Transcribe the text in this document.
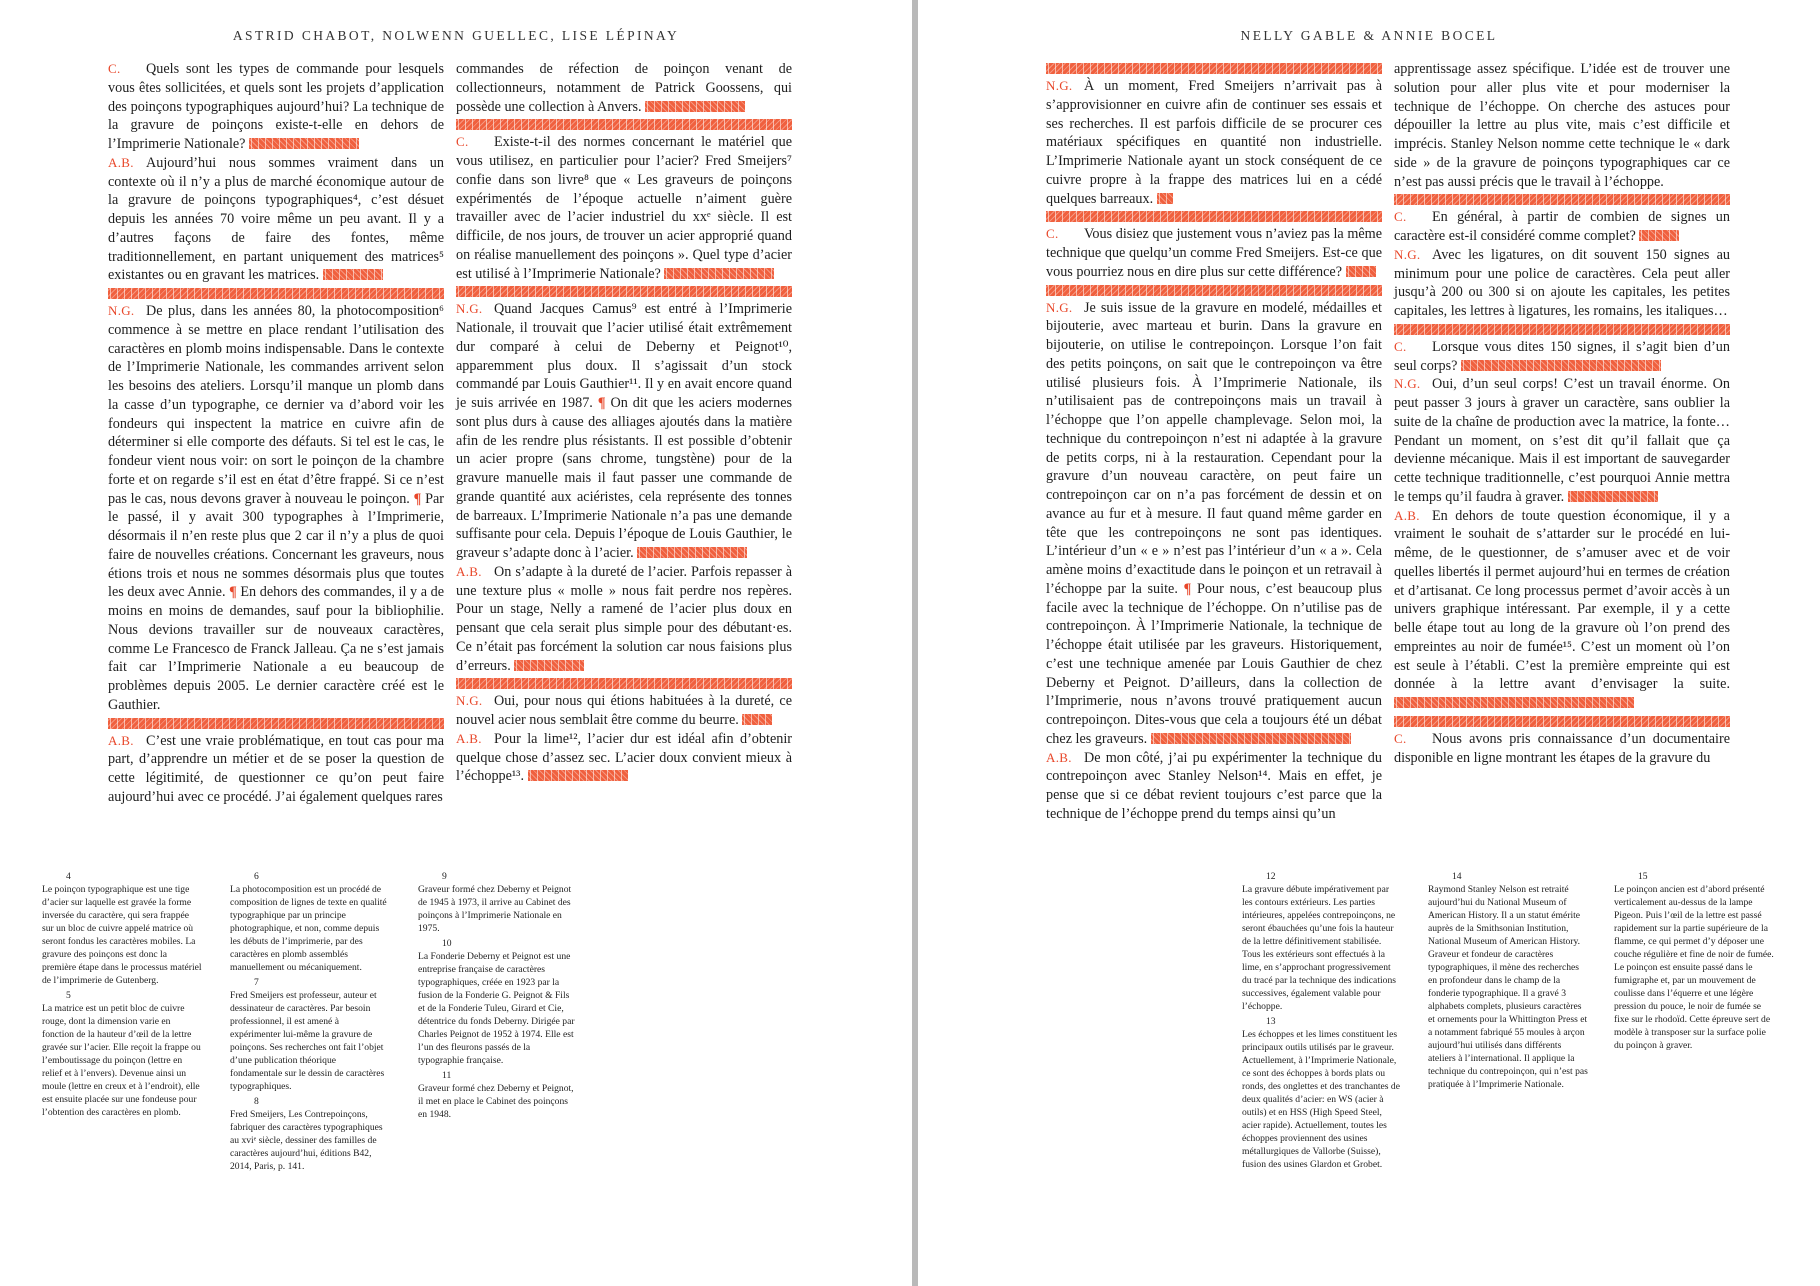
ASTRID CHABOT, NOLWENN GUELLEC, LISE LÉPINAY

C. Quels sont les types de commande pour lesquels vous êtes sollicitées, et quels sont les projets d’application des poinçons typographiques aujourd’hui? La technique de la gravure de poinçons existe-t-elle en dehors de l’Imprimerie Nationale?

A.B. Aujourd’hui nous sommes vraiment dans un contexte où il n’y a plus de marché économique autour de la gravure de poinçons typographiques⁴, c’est désuet depuis les années 70 voire même un peu avant. Il y a d’autres façons de faire des fontes, même traditionnellement, en partant uniquement des matrices⁵ existantes ou en gravant les matrices.

N.G. De plus, dans les années 80, la photocomposition⁶ commence à se mettre en place rendant l’utilisation des caractères en plomb moins indispensable. Dans le contexte de l’Imprimerie Nationale, les commandes arrivent selon les besoins des ateliers. Lorsqu’il manque un plomb dans la casse d’un typographe, ce dernier va d’abord voir les fondeurs qui inspectent la matrice en cuivre afin de déterminer si elle comporte des défauts. Si tel est le cas, le fondeur vient nous voir: on sort le poinçon de la chambre forte et on regarde s’il est en état d’être frappé. Si ce n’est pas le cas, nous devons graver à nouveau le poinçon. ¶ Par le passé, il y avait 300 typographes à l’Imprimerie, désormais il n’en reste plus que 2 car il n’y a plus de quoi faire de nouvelles créations. Concernant les graveurs, nous étions trois et nous ne sommes désormais plus que toutes les deux avec Annie. ¶ En dehors des commandes, il y a de moins en moins de demandes, sauf pour la bibliophilie. Nous devions travailler sur de nouveaux caractères, comme Le Francesco de Franck Jalleau. Ça ne s’est jamais fait car l’Imprimerie Nationale a eu beaucoup de problèmes depuis 2005. Le dernier caractère créé est le Gauthier.

A.B. C’est une vraie problématique, en tout cas pour ma part, d’apprendre un métier et de se poser la question de cette légitimité, de questionner ce qu’on peut faire aujourd’hui avec ce procédé. J’ai également quelques rares

commandes de réfection de poinçon venant de collectionneurs, notamment de Patrick Goossens, qui possède une collection à Anvers.

C. Existe-t-il des normes concernant le matériel que vous utilisez, en particulier pour l’acier? Fred Smeijers⁷ confie dans son livre⁸ que « Les graveurs de poinçons expérimentés de l’époque actuelle n’aiment guère travailler avec de l’acier industriel du xxᵉ siècle. Il est difficile, de nos jours, de trouver un acier approprié quand on réalise manuellement des poinçons ». Quel type d’acier est utilisé à l’Imprimerie Nationale?

N.G. Quand Jacques Camus⁹ est entré à l’Imprimerie Nationale, il trouvait que l’acier utilisé était extrêmement dur comparé à celui de Deberny et Peignot¹⁰, apparemment plus doux. Il s’agissait d’un stock commandé par Louis Gauthier¹¹. Il y en avait encore quand je suis arrivée en 1987. ¶ On dit que les aciers modernes sont plus durs à cause des alliages ajoutés dans la matière afin de les rendre plus résistants. Il est possible d’obtenir un acier propre (sans chrome, tungstène) pour de la gravure manuelle mais il faut passer une commande de grande quantité aux aciéristes, cela représente des tonnes de barreaux. L’Imprimerie Nationale n’a pas une demande suffisante pour cela. Depuis l’époque de Louis Gauthier, le graveur s’adapte donc à l’acier.

A.B. On s’adapte à la dureté de l’acier. Parfois repasser à une texture plus « molle » nous fait perdre nos repères. Pour un stage, Nelly a ramené de l’acier plus doux en pensant que cela serait plus simple pour des débutant·es. Ce n’était pas forcément la solution car nous faisions plus d’erreurs.

N.G. Oui, pour nous qui étions habituées à la dureté, ce nouvel acier nous semblait être comme du beurre.

A.B. Pour la lime¹², l’acier dur est idéal afin d’obtenir quelque chose d’assez sec. L’acier doux convient mieux à l’échoppe¹³.

4
Le poinçon typographique est une tige d’acier sur laquelle est gravée la forme inversée du caractère, qui sera frappée sur un bloc de cuivre appelé matrice où seront fondus les caractères mobiles. La gravure des poinçons est donc la première étape dans le processus matériel de l’imprimerie de Gutenberg.
5
La matrice est un petit bloc de cuivre rouge, dont la dimension varie en fonction de la hauteur d’œil de la lettre gravée sur l’acier. Elle reçoit la frappe ou l’emboutissage du poinçon (lettre en relief et à l’envers). Devenue ainsi un moule (lettre en creux et à l’endroit), elle est ensuite placée sur une fondeuse pour l’obtention des caractères en plomb.
6
La photocomposition est un procédé de composition de lignes de texte en qualité typographique par un principe photographique, et non, comme depuis les débuts de l’imprimerie, par des caractères en plomb assemblés manuellement ou mécaniquement.
7
Fred Smeijers est professeur, auteur et dessinateur de caractères. Par besoin professionnel, il est amené à expérimenter lui-même la gravure de poinçons. Ses recherches ont fait l’objet d’une publication théorique fondamentale sur le dessin de caractères typographiques.
8
Fred Smeijers, Les Contrepoinçons, fabriquer des caractères typographiques au xviᵉ siècle, dessiner des familles de caractères aujourd’hui, éditions B42, 2014, Paris, p. 141.
9
Graveur formé chez Deberny et Peignot de 1945 à 1973, il arrive au Cabinet des poinçons à l’Imprimerie Nationale en 1975.
10
La Fonderie Deberny et Peignot est une entreprise française de caractères typographiques, créée en 1923 par la fusion de la Fonderie G. Peignot & Fils et de la Fonderie Tuleu, Girard et Cie, détentrice du fonds Deberny. Dirigée par Charles Peignot de 1952 à 1974. Elle est l’un des fleurons passés de la typographie française.
11
Graveur formé chez Deberny et Peignot, il met en place le Cabinet des poinçons en 1948.
NELLY GABLE & ANNIE BOCEL

N.G. À un moment, Fred Smeijers n’arrivait pas à s’approvisionner en cuivre afin de continuer ses essais et ses recherches. Il est parfois difficile de se procurer ces matériaux spécifiques en quantité non industrielle. L’Imprimerie Nationale ayant un stock conséquent de ce cuivre propre à la frappe des matrices lui en a cédé quelques barreaux.

C. Vous disiez que justement vous n’aviez pas la même technique que quelqu’un comme Fred Smeijers. Est-ce que vous pourriez nous en dire plus sur cette différence?

N.G. Je suis issue de la gravure en modelé, médailles et bijouterie, avec marteau et burin. Dans la gravure en bijouterie, on utilise le contrepoinçon. Lorsque l’on fait des petits poinçons, on sait que le contrepoinçon va être utilisé plusieurs fois. À l’Imprimerie Nationale, ils n’utilisaient pas de contrepoinçons mais un travail à l’échoppe que l’on appelle champlevage. Selon moi, la technique du contrepoinçon n’est ni adaptée à la gravure de petits corps, ni à la restauration. Cependant pour la gravure d’un nouveau caractère, on peut faire un contrepoinçon car on n’a pas forcément de dessin et on avance au fur et à mesure. Il faut quand même garder en tête que les contrepoinçons ne sont pas identiques. L’intérieur d’un « e » n’est pas l’intérieur d’un « a ». Cela amène moins d’exactitude dans le poinçon et un retravail à l’échoppe par la suite. ¶ Pour nous, c’est beaucoup plus facile avec la technique de l’échoppe. On n’utilise pas de contrepoinçon. À l’Imprimerie Nationale, la technique de l’échoppe était utilisée par les graveurs. Historiquement, c’est une technique amenée par Louis Gauthier de chez Deberny et Peignot. D’ailleurs, dans la collection de l’Imprimerie, nous n’avons trouvé pratiquement aucun contrepoinçon. Dites-vous que cela a toujours été un débat chez les graveurs.

A.B. De mon côté, j’ai pu expérimenter la technique du contrepoinçon avec Stanley Nelson¹⁴. Mais en effet, je pense que si ce débat revient toujours c’est parce que la technique de l’échoppe prend du temps ainsi qu’un

apprentissage assez spécifique. L’idée est de trouver une solution pour aller plus vite et pour moderniser la technique de l’échoppe. On cherche des astuces pour dépouiller la lettre au plus vite, mais c’est difficile et imprécis. Stanley Nelson nomme cette technique le « dark side » de la gravure de poinçons typographiques car ce n’est pas aussi précis que le travail à l’échoppe.

C. En général, à partir de combien de signes un caractère est-il considéré comme complet?

N.G. Avec les ligatures, on dit souvent 150 signes au minimum pour une police de caractères. Cela peut aller jusqu’à 200 ou 300 si on ajoute les capitales, les petites capitales, les lettres à ligatures, les romains, les italiques…

C. Lorsque vous dites 150 signes, il s’agit bien d’un seul corps?

N.G. Oui, d’un seul corps! C’est un travail énorme. On peut passer 3 jours à graver un caractère, sans oublier la suite de la chaîne de production avec la matrice, la fonte… Pendant un moment, on s’est dit qu’il fallait que ça devienne mécanique. Mais il est important de sauvegarder cette technique traditionnelle, c’est pourquoi Annie mettra le temps qu’il faudra à graver.

A.B. En dehors de toute question économique, il y a vraiment le souhait de s’attarder sur le procédé en lui-même, de le questionner, de s’amuser avec et de voir quelles libertés il permet aujourd’hui en termes de création et d’artisanat. Ce long processus permet d’avoir accès à un univers graphique intéressant. Par exemple, il y a cette belle étape tout au long de la gravure où l’on prend des empreintes au noir de fumée¹⁵. C’est un moment où l’on est seule à l’établi. C’est la première empreinte qui est donnée à la lettre avant d’envisager la suite.

C. Nous avons pris connaissance d’un documentaire disponible en ligne montrant les étapes de la gravure du

12
La gravure débute impérativement par les contours extérieurs. Les parties intérieures, appelées contrepoinçons, ne seront ébauchées qu’une fois la hauteur de la lettre définitivement stabilisée. Tous les extérieurs sont effectués à la lime, en s’approchant progressivement du tracé par la technique des indications successives, également valable pour l’échoppe.
13
Les échoppes et les limes constituent les principaux outils utilisés par le graveur. Actuellement, à l’Imprimerie Nationale, ce sont des échoppes à bords plats ou ronds, des onglettes et des tranchantes de deux qualités d’acier: en WS (acier à outils) et en HSS (High Speed Steel, acier rapide). Actuellement, toutes les échoppes proviennent des usines métallurgiques de Vallorbe (Suisse), fusion des usines Glardon et Grobet.
14
Raymond Stanley Nelson est retraité aujourd’hui du National Museum of American History. Il a un statut émérite auprès de la Smithsonian Institution, National Museum of American History. Graveur et fondeur de caractères typographiques, il mène des recherches en profondeur dans le champ de la fonderie typographique. Il a gravé 3 alphabets complets, plusieurs caractères et ornements pour la Whittington Press et a notamment fabriqué 55 moules à arçon aujourd’hui utilisés dans différents ateliers à l’international. Il applique la technique du contrepoinçon, qui n’est pas pratiquée à l’Imprimerie Nationale.
15
Le poinçon ancien est d’abord présenté verticalement au-dessus de la lampe Pigeon. Puis l’œil de la lettre est passé rapidement sur la partie supérieure de la flamme, ce qui permet d’y déposer une couche régulière et fine de noir de fumée. Le poinçon est ensuite passé dans le fumigraphe et, par un mouvement de coulisse dans l’équerre et une légère pression du pouce, le noir de fumée se fixe sur le rhodoïd. Cette épreuve sert de modèle à transposer sur la surface polie du poinçon à graver.
